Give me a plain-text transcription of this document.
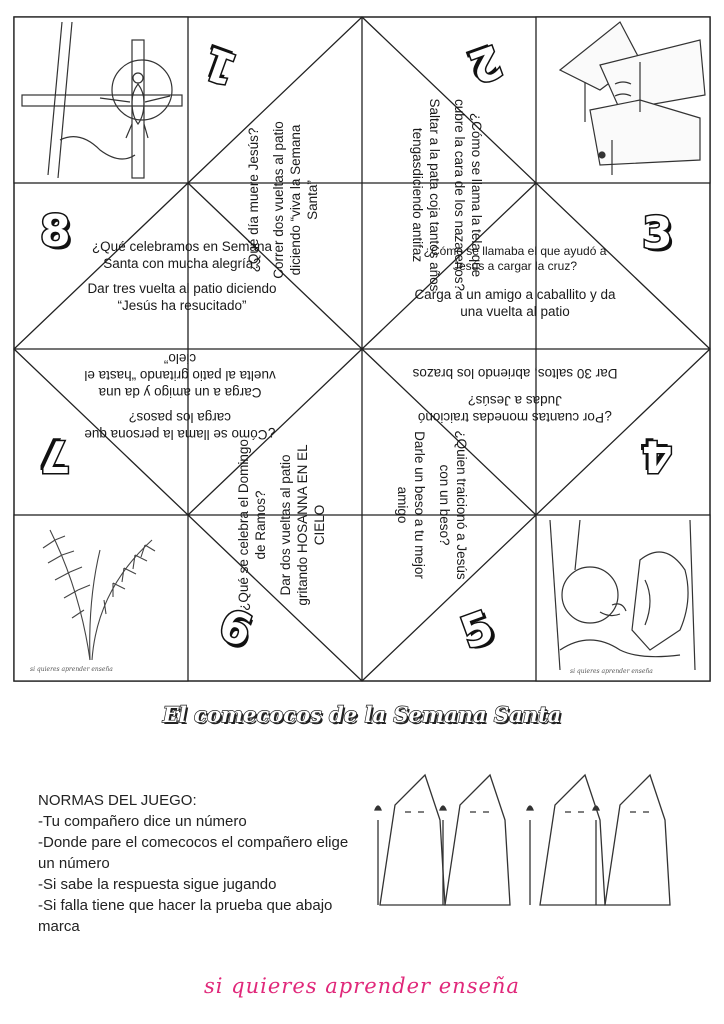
si quieres aprender enseña	si quieres aprender enseña
1	2
3
4
5
6
7
8	¿Qué día muere Jesús? Correr dos vueltas al patio diciendo “viva la Semana Santa”	¿Cómo se llama la tela que cubre la cara de los nazarenos?

Saltar a la pata coja tantos años tengasdiciendo antifaz

¿Cómo se llamaba el que ayudó a Jesús a cargar la cruz?

Carga a un amigo a caballito y da una vuelta al patio

¿Por cuantas monedas traicionó Judas a Jesús?

Dar 30 saltos, abriendo los brazos

¿Quien traicionó a Jesús con un beso?

Darle un beso a tu mejor amigo

¿Qué se celebra el Domingo de Ramos? Dar dos vueltas al patio gritando HOSANNA EN EL CIELO

¿Cómo se llama la persona que carga los pasos?

Carga a un amigo y da una vuelta al patio gritando “hasta el cielo”

¿Qué celebramos en Semana Santa con mucha alegría?

Dar tres vuelta al patio diciendo “Jesús ha resucitado”

El comecocos de la Semana Santa
NORMAS DEL JUEGO:
-Tu compañero dice un número
-Donde pare el comecocos el compañero elige un número
-Si sabe la respuesta sigue jugando
-Si falla tiene que hacer la prueba que abajo marca
si quieres aprender enseña
